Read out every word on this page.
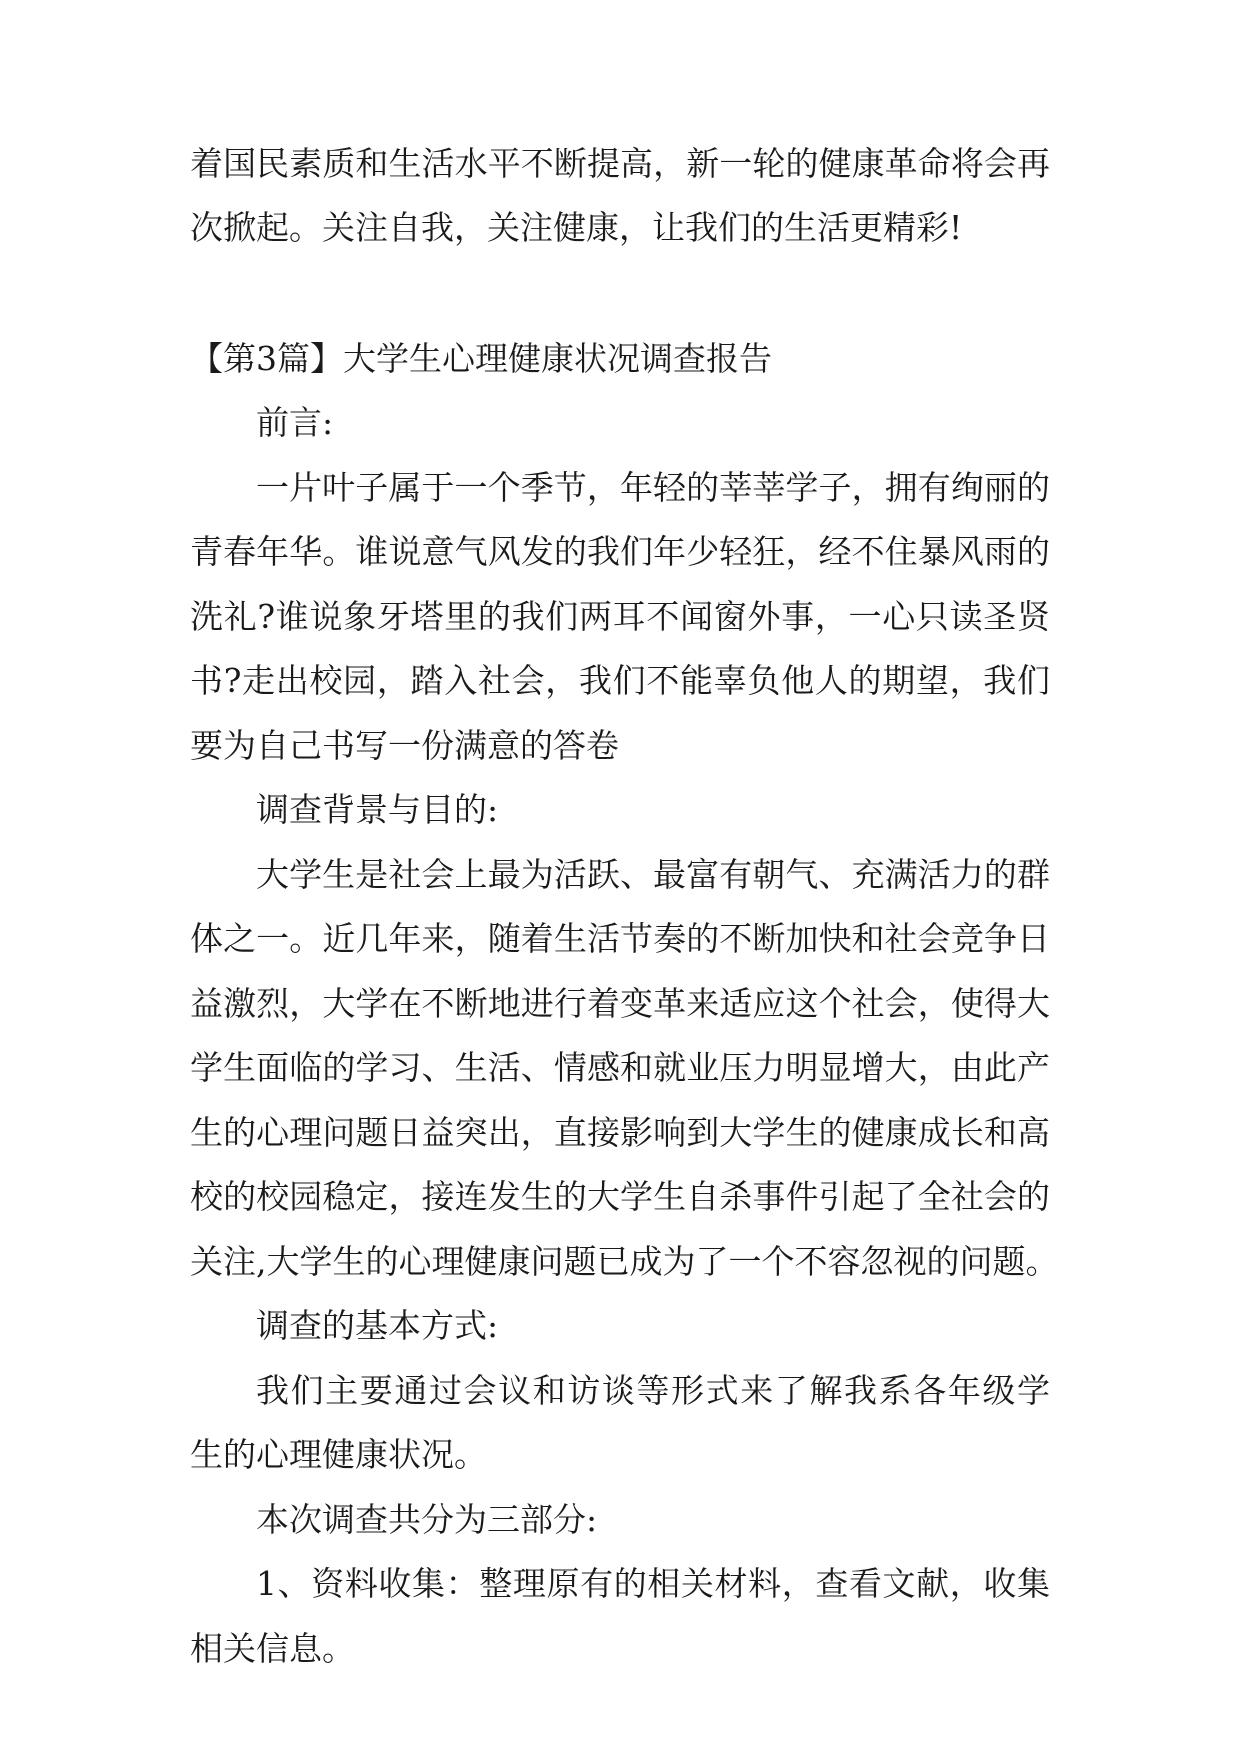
着国民素质和生活水平不断提高，新一轮的健康革命将会再
次掀起。关注自我，关注健康，让我们的生活更精彩!
【第3篇】大学生心理健康状况调查报告
前言:
一片叶子属于一个季节，年轻的莘莘学子，拥有绚丽的
青春年华。谁说意气风发的我们年少轻狂，经不住暴风雨的
洗礼?谁说象牙塔里的我们两耳不闻窗外事，一心只读圣贤
书?走出校园，踏入社会，我们不能辜负他人的期望，我们
要为自己书写一份满意的答卷
调查背景与目的:
大学生是社会上最为活跃、最富有朝气、充满活力的群
体之一。近几年来，随着生活节奏的不断加快和社会竞争日
益激烈，大学在不断地进行着变革来适应这个社会，使得大
学生面临的学习、生活、情感和就业压力明显增大，由此产
生的心理问题日益突出，直接影响到大学生的健康成长和高
校的校园稳定，接连发生的大学生自杀事件引起了全社会的
关注,大学生的心理健康问题已成为了一个不容忽视的问题。
调查的基本方式:
我们主要通过会议和访谈等形式来了解我系各年级学
生的心理健康状况。
本次调查共分为三部分:
1、资料收集：整理原有的相关材料，查看文献，收集
相关信息。
